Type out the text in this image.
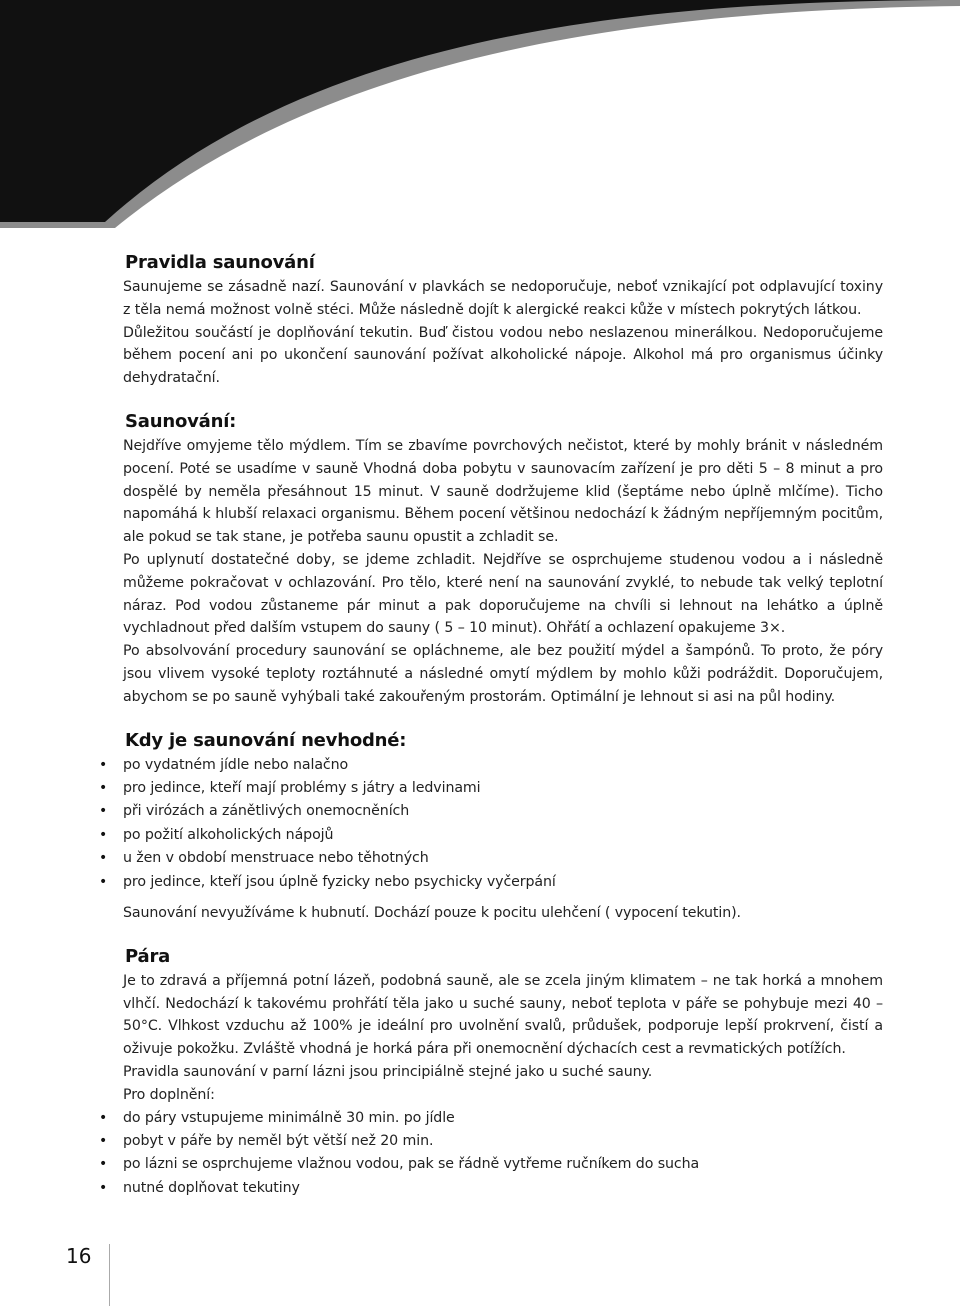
Pravidla saunování

Saunujeme se zásadně nazí. Saunování v plavkách se nedoporučuje, neboť vznikající pot odplavující toxiny z těla nemá možnost volně stéci. Může následně dojít k alergické reakci kůže v místech pokrytých látkou.

Důležitou součástí je doplňování tekutin. Buď čistou vodou nebo neslazenou minerálkou. Nedoporučujeme během pocení ani po ukončení saunování požívat alkoholické nápoje. Alkohol má pro organismus účinky dehydratační.

Saunování:

Nejdříve omyjeme tělo mýdlem. Tím se zbavíme povrchových nečistot, které by mohly bránit v následném pocení. Poté se usadíme v sauně Vhodná doba pobytu v saunovacím zařízení je pro děti 5 – 8 minut a pro dospělé by neměla přesáhnout 15 minut. V sauně dodržujeme klid (šeptáme nebo úplně mlčíme). Ticho napomáhá k hlubší relaxaci organismu. Během pocení většinou nedochází k žádným nepříjemným pocitům, ale pokud se tak stane, je potřeba saunu opustit a zchladit se.

Po uplynutí dostatečné doby, se jdeme zchladit. Nejdříve se osprchujeme studenou vodou a i následně můžeme pokračovat v ochlazování. Pro tělo, které není na saunování zvyklé, to nebude tak velký teplotní náraz. Pod vodou zůstaneme pár minut a pak doporučujeme na chvíli si lehnout na lehátko a úplně vychladnout před dalším vstupem do sauny ( 5 – 10 minut). Ohřátí a ochlazení opakujeme 3×.

Po absolvování procedury saunování se opláchneme, ale bez použití mýdel a šampónů. To proto, že póry jsou vlivem vysoké teploty roztáhnuté a následné omytí mýdlem by mohlo kůži podráždit. Doporučujem, abychom se po sauně vyhýbali také zakouřeným prostorám. Optimální je lehnout si asi na půl hodiny.

Kdy je saunování nevhodné:
• po vydatném jídle nebo nalačno
• pro jedince, kteří mají problémy s játry a ledvinami
• při virózách a zánětlivých onemocněních
• po požití alkoholických nápojů
• u žen v období menstruace nebo těhotných
• pro jedince, kteří jsou úplně fyzicky nebo psychicky vyčerpání

Saunování nevyužíváme k hubnutí. Dochází pouze k pocitu ulehčení ( vypocení tekutin).

Pára

Je to zdravá a příjemná potní lázeň, podobná sauně, ale se zcela jiným klimatem – ne tak horká a mnohem vlhčí. Nedochází k takovému prohřátí těla jako u suché sauny, neboť teplota v páře se pohybuje mezi 40 – 50°C. Vlhkost vzduchu až 100% je ideální pro uvolnění svalů, průdušek, podporuje lepší prokrvení, čistí a oživuje pokožku. Zvláště vhodná je horká pára při onemocnění dýchacích cest a revmatických potížích.

Pravidla saunování v parní lázni jsou principiálně stejné jako u suché sauny.

Pro doplnění:

• do páry vstupujeme minimálně 30 min. po jídle
• pobyt v páře by neměl být větší než 20 min.
• po lázni se osprchujeme vlažnou vodou, pak se řádně vytřeme ručníkem do sucha
• nutné doplňovat tekutiny
16
